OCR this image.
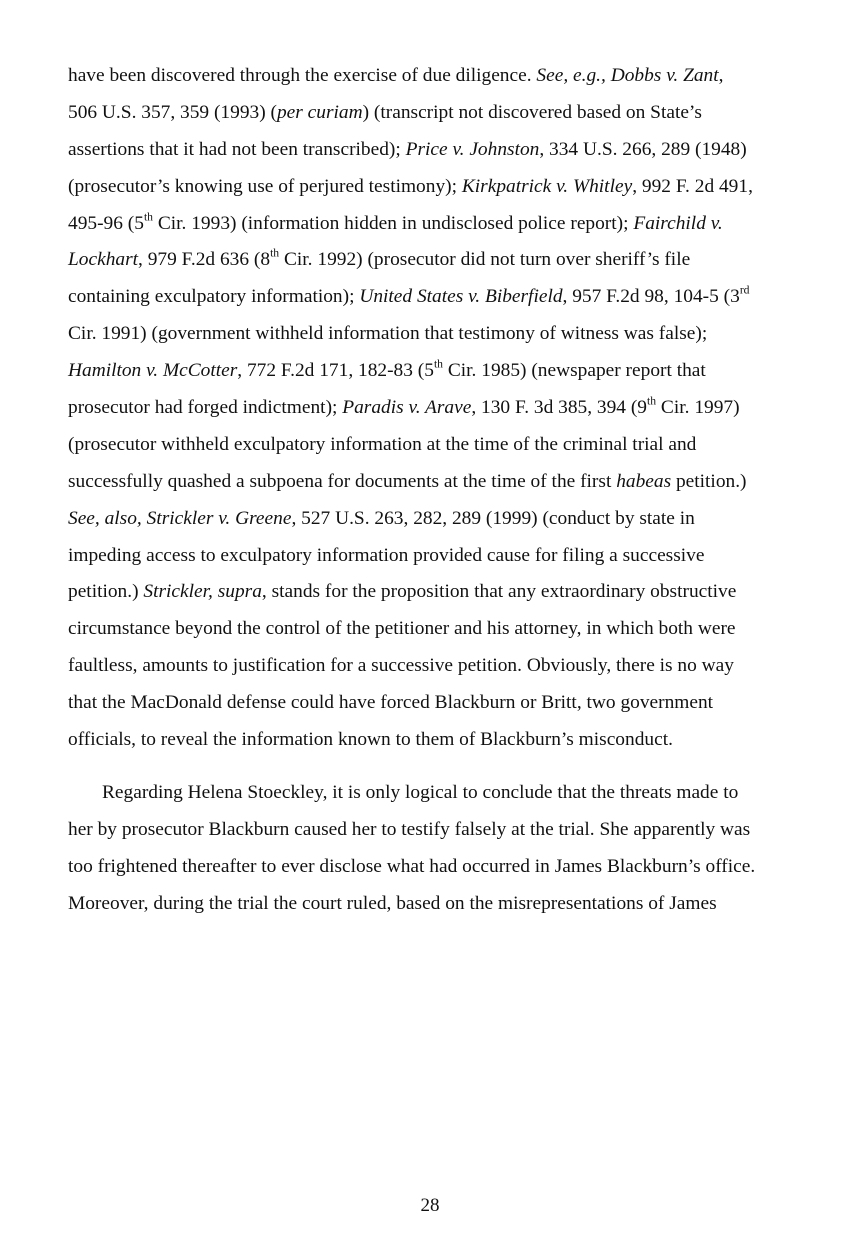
have been discovered through the exercise of due diligence. See, e.g., Dobbs v. Zant,
506 U.S. 357, 359 (1993) (per curiam) (transcript not discovered based on State’s
assertions that it had not been transcribed); Price v. Johnston, 334 U.S. 266, 289 (1948)
(prosecutor’s knowing use of perjured testimony); Kirkpatrick v. Whitley, 992 F. 2d 491,
495-96 (5th Cir. 1993) (information hidden in undisclosed police report); Fairchild v.
Lockhart, 979 F.2d 636 (8th Cir. 1992) (prosecutor did not turn over sheriff’s file
containing exculpatory information); United States v. Biberfield, 957 F.2d 98, 104-5 (3rd
Cir. 1991) (government withheld information that testimony of witness was false);
Hamilton v. McCotter, 772 F.2d 171, 182-83 (5th Cir. 1985) (newspaper report that
prosecutor had forged indictment); Paradis v. Arave, 130 F. 3d 385, 394 (9th Cir. 1997)
(prosecutor withheld exculpatory information at the time of the criminal trial and
successfully quashed a subpoena for documents at the time of the first habeas petition.)
See, also, Strickler v. Greene, 527 U.S. 263, 282, 289 (1999) (conduct by state in
impeding access to exculpatory information provided cause for filing a successive
petition.) Strickler, supra, stands for the proposition that any extraordinary obstructive
circumstance beyond the control of the petitioner and his attorney, in which both were
faultless, amounts to justification for a successive petition. Obviously, there is no way
that the MacDonald defense could have forced Blackburn or Britt, two government
officials, to reveal the information known to them of Blackburn’s misconduct.
Regarding Helena Stoeckley, it is only logical to conclude that the threats made to
her by prosecutor Blackburn caused her to testify falsely at the trial. She apparently was
too frightened thereafter to ever disclose what had occurred in James Blackburn’s office.
Moreover, during the trial the court ruled, based on the misrepresentations of James
28
